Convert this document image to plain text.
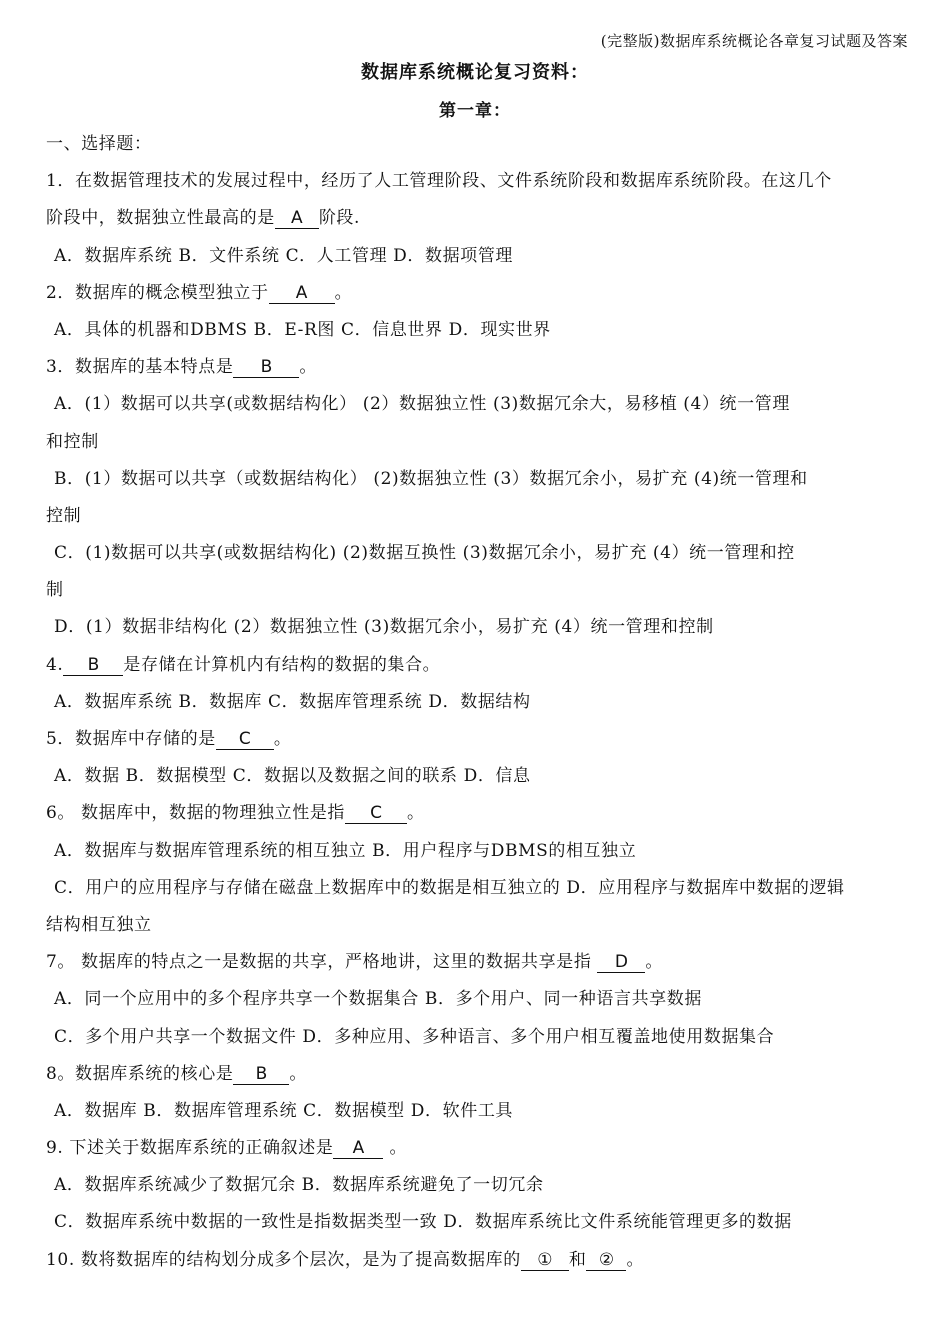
(完整版)数据库系统概论各章复习试题及答案
数据库系统概论复习资料：
第一章：
一、选择题：
1．在数据管理技术的发展过程中，经历了人工管理阶段、文件系统阶段和数据库系统阶段。在这几个
阶段中，数据独立性最高的是 A 阶段.
A．数据库系统 B．文件系统 C．人工管理 D．数据项管理
2．数据库的概念模型独立于 A 。
A．具体的机器和DBMS B．E-R图 C．信息世界 D．现实世界
3．数据库的基本特点是 B 。
A．(1）数据可以共享(或数据结构化） (2）数据独立性 (3)数据冗余大，易移植 (4）统一管理
和控制
B．(1）数据可以共享（或数据结构化） (2)数据独立性 (3）数据冗余小，易扩充 (4)统一管理和
控制
C．(1)数据可以共享(或数据结构化) (2)数据互换性 (3)数据冗余小，易扩充 (4）统一管理和控
制
D．(1）数据非结构化 (2）数据独立性 (3)数据冗余小，易扩充 (4）统一管理和控制
4. B 是存储在计算机内有结构的数据的集合。
A．数据库系统 B．数据库 C．数据库管理系统 D．数据结构
5．数据库中存储的是 C 。
A．数据 B．数据模型 C．数据以及数据之间的联系 D．信息
6。 数据库中，数据的物理独立性是指 C 。
A．数据库与数据库管理系统的相互独立 B．用户程序与DBMS的相互独立
C．用户的应用程序与存储在磁盘上数据库中的数据是相互独立的 D．应用程序与数据库中数据的逻辑
结构相互独立
7。 数据库的特点之一是数据的共享，严格地讲，这里的数据共享是指 D 。
A．同一个应用中的多个程序共享一个数据集合 B．多个用户、同一种语言共享数据
C．多个用户共享一个数据文件 D．多种应用、多种语言、多个用户相互覆盖地使用数据集合
8。数据库系统的核心是 B 。
A．数据库 B．数据库管理系统 C．数据模型 D．软件工具
9. 下述关于数据库系统的正确叙述是 A 。
A．数据库系统减少了数据冗余 B．数据库系统避免了一切冗余
C．数据库系统中数据的一致性是指数据类型一致 D．数据库系统比文件系统能管理更多的数据
10. 数将数据库的结构划分成多个层次，是为了提高数据库的 ① 和 ② 。
